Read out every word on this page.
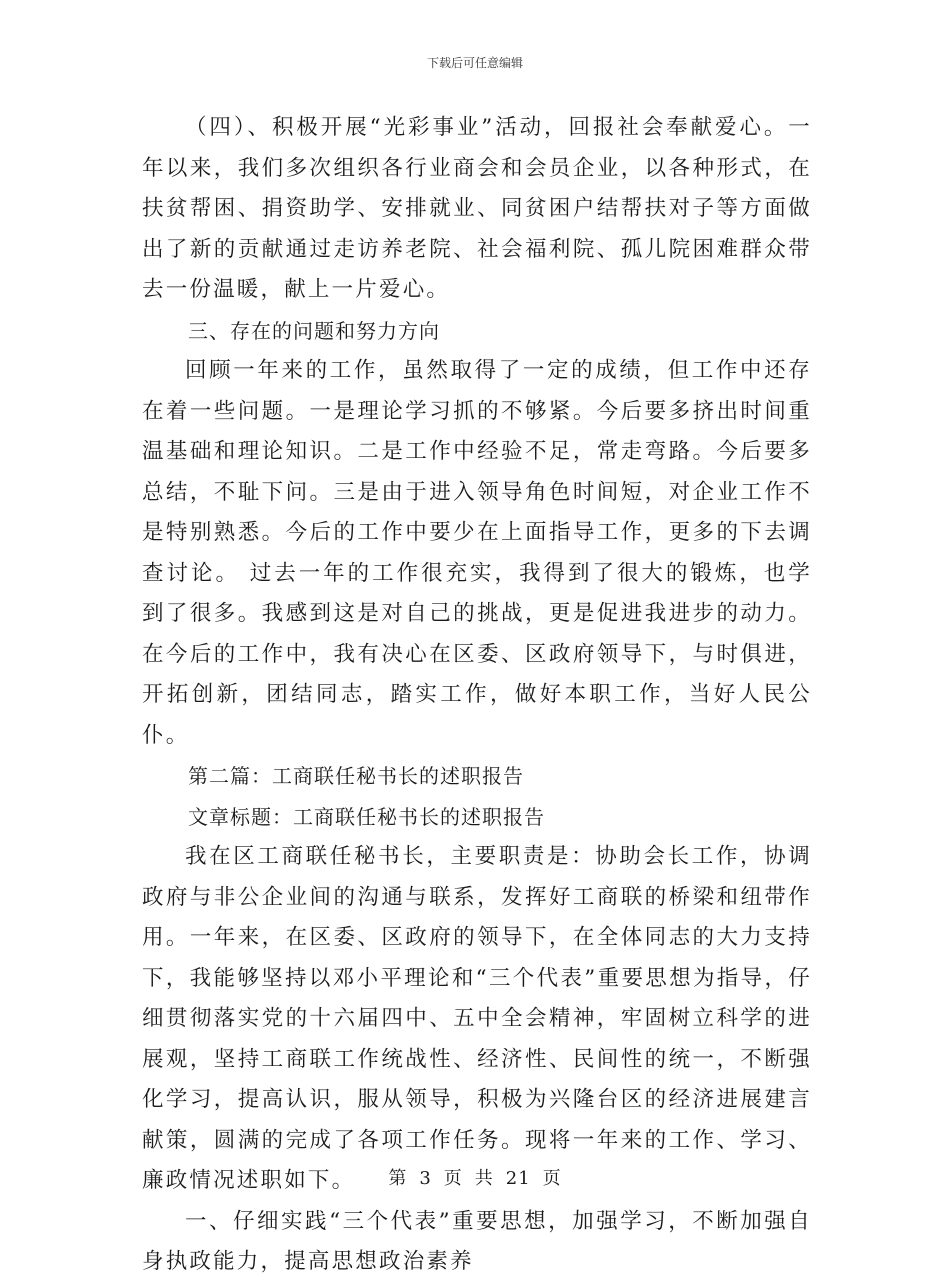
下载后可任意编辑

（四）、积极开展“光彩事业”活动，回报社会奉献爱心。一年以来，我们多次组织各行业商会和会员企业，以各种形式，在扶贫帮困、捐资助学、安排就业、同贫困户结帮扶对子等方面做出了新的贡献通过走访养老院、社会福利院、孤儿院困难群众带去一份温暖，献上一片爱心。

三、存在的问题和努力方向

回顾一年来的工作，虽然取得了一定的成绩，但工作中还存在着一些问题。一是理论学习抓的不够紧。今后要多挤出时间重温基础和理论知识。二是工作中经验不足，常走弯路。今后要多总结，不耻下问。三是由于进入领导角色时间短，对企业工作不是特别熟悉。今后的工作中要少在上面指导工作，更多的下去调查讨论。 过去一年的工作很充实，我得到了很大的锻炼，也学到了很多。我感到这是对自己的挑战，更是促进我进步的动力。在今后的工作中，我有决心在区委、区政府领导下，与时俱进，开拓创新，团结同志，踏实工作，做好本职工作，当好人民公仆。

第二篇：工商联任秘书长的述职报告

文章标题：工商联任秘书长的述职报告

我在区工商联任秘书长，主要职责是：协助会长工作，协调政府与非公企业间的沟通与联系，发挥好工商联的桥梁和纽带作用。一年来，在区委、区政府的领导下，在全体同志的大力支持下，我能够坚持以邓小平理论和“三个代表”重要思想为指导，仔细贯彻落实党的十六届四中、五中全会精神，牢固树立科学的进展观，坚持工商联工作统战性、经济性、民间性的统一，不断强化学习，提高认识，服从领导，积极为兴隆台区的经济进展建言献策，圆满的完成了各项工作任务。现将一年来的工作、学习、廉政情况述职如下。

一、仔细实践“三个代表”重要思想，加强学习，不断加强自身执政能力，提高思想政治素养

第 3 页 共 21 页
